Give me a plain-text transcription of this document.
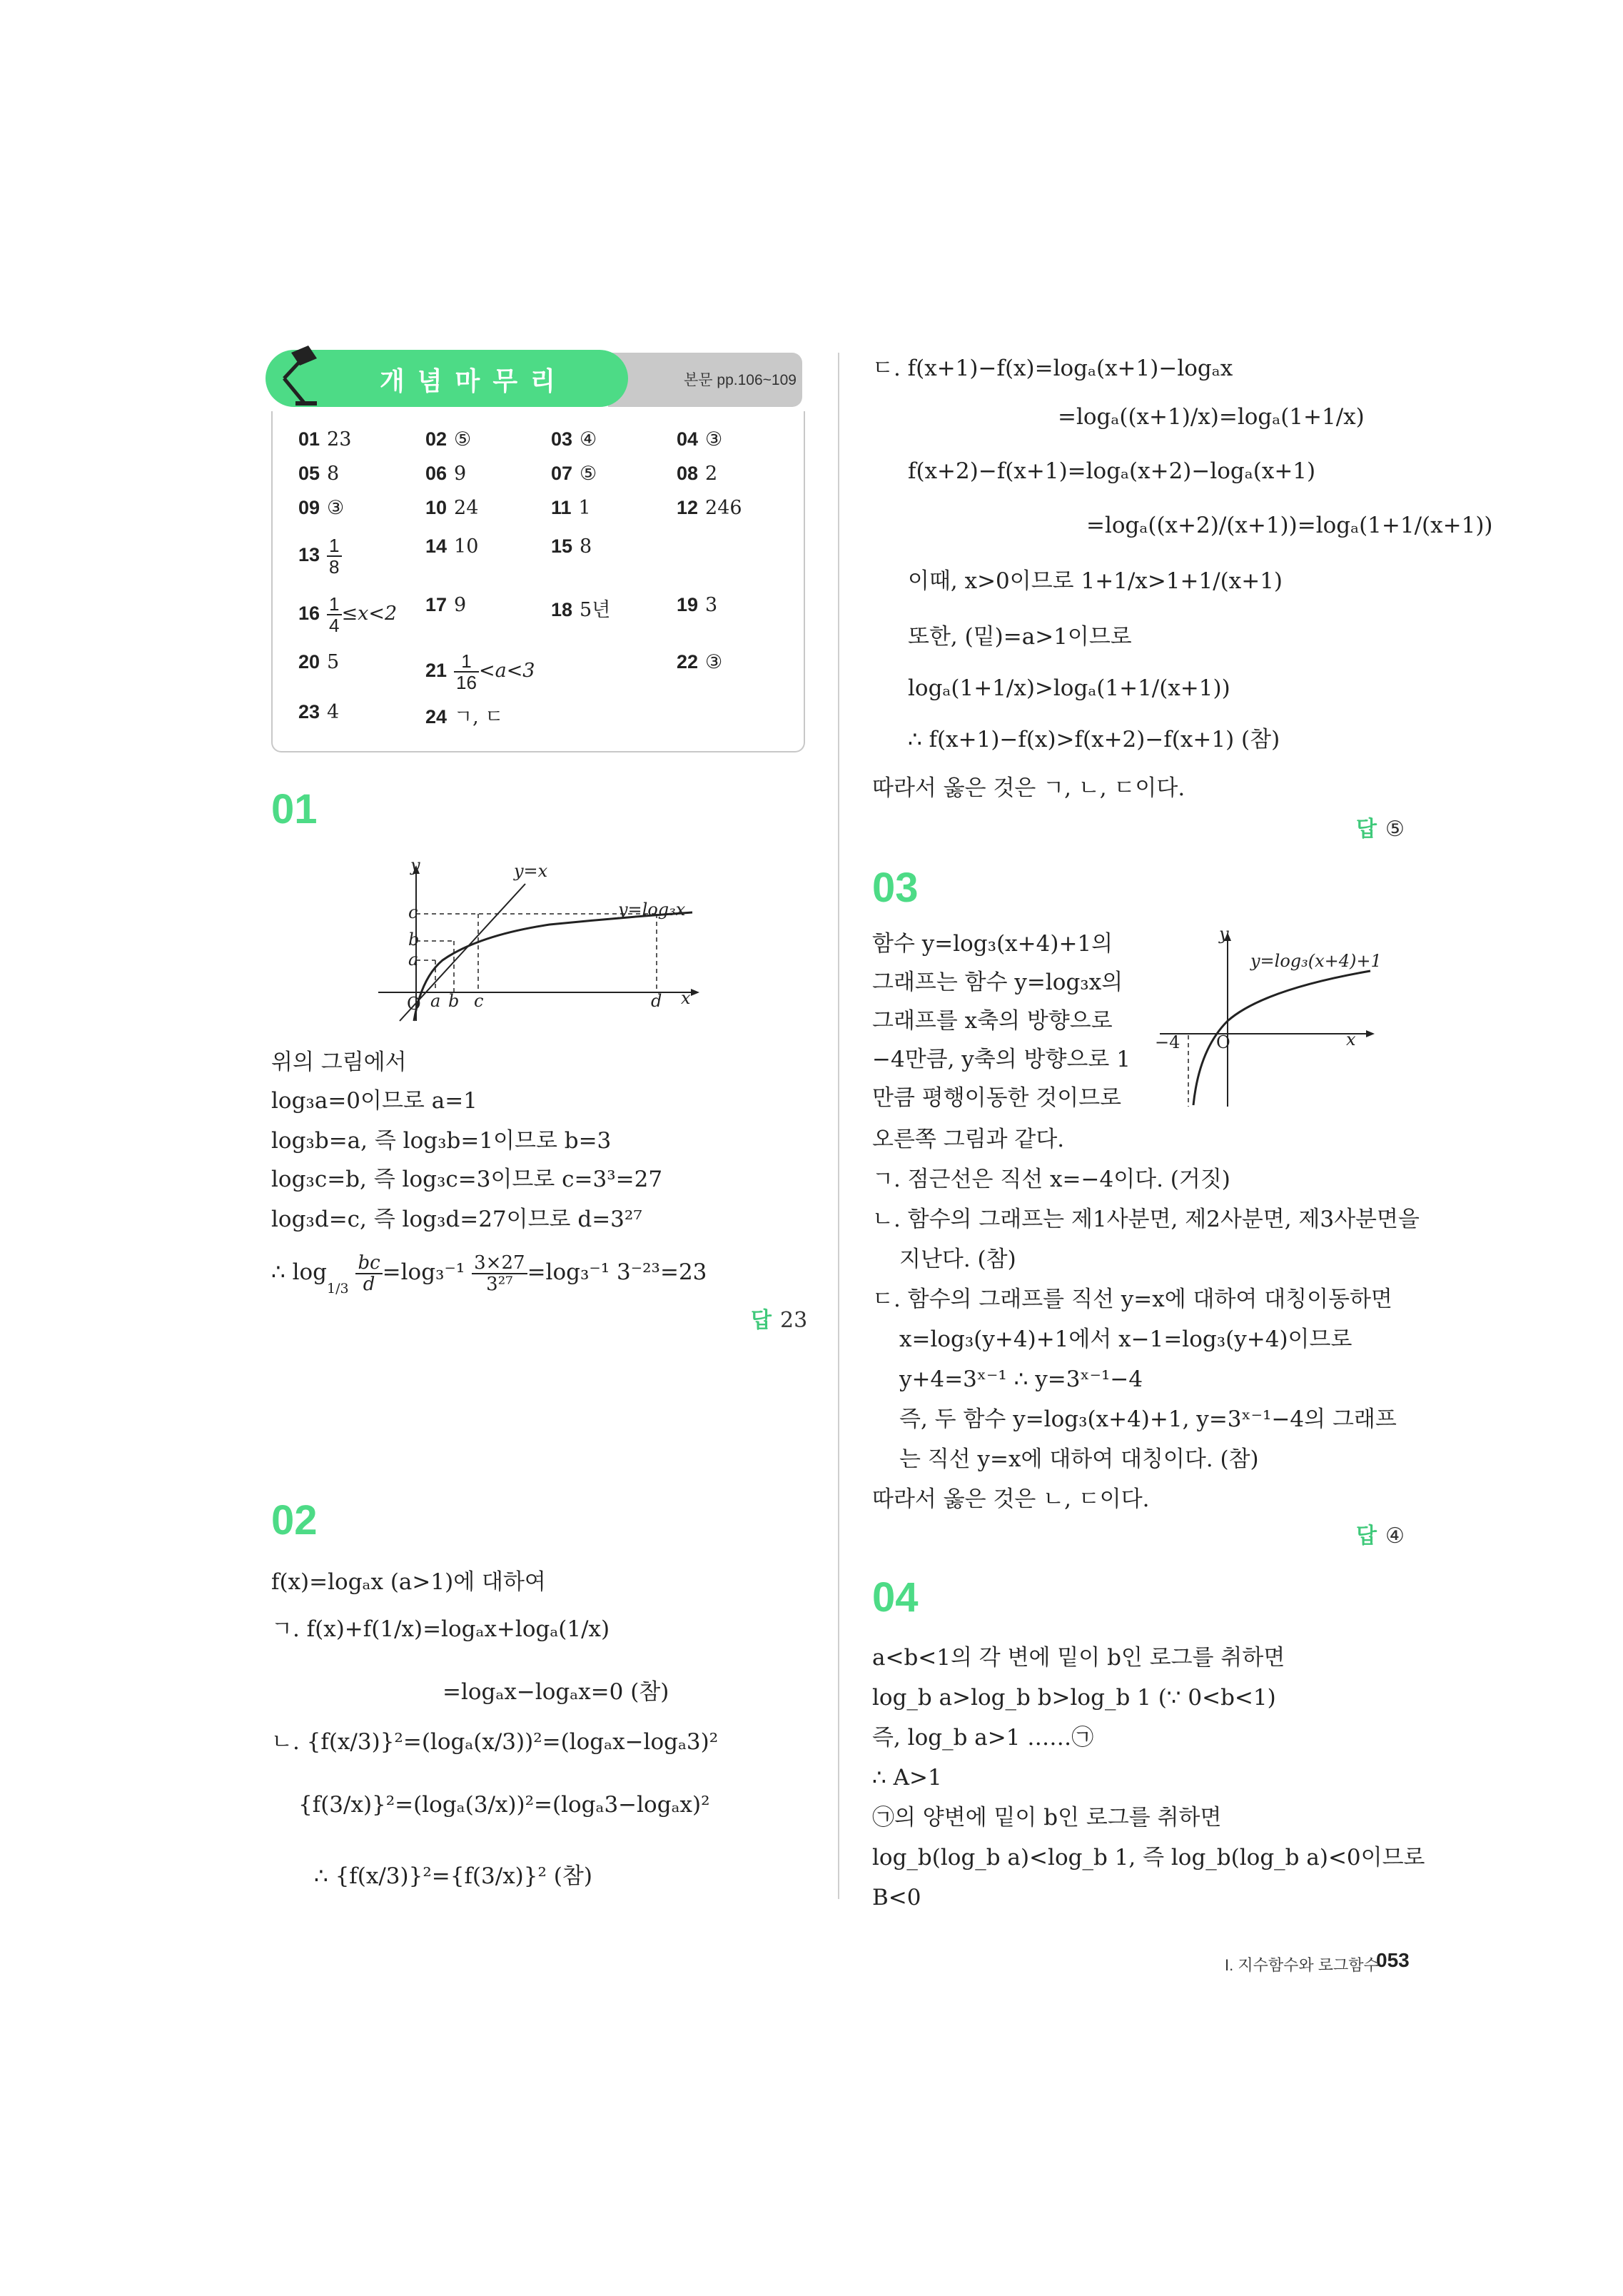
개 념 마 무 리	본문 pp.106~109
01 23	02 ⑤	03 ④	04 ③
05 8	06 9	07 ⑤	08 2
09 ③	10 24	11 1	12 246
$13 \frac{1}{8}$	14 10	15 8
$16 \frac{1}{4} \le x<2$ 17 9	18 5년	19 3
20 5	$21 \frac{1}{16} <a<3$	22 ③
23 4	24 ㄱ, ㄷ
01
y	y=x
y=log₃x
c
b
a
O a b c	d x
위의 그림에서
log₃a=0이므로 a=1
log₃b=a, 즉 log₃b=1이므로 b=3
log₃c=b, 즉 log₃c=3이므로 c=3³=27
log₃d=c, 즉 log₃d=27이므로 d=3²⁷
∴ $\log_{1/3} \frac{bc}{d} =\log_3^{-1} \frac{3\times 27}{\text{3²⁷}} =\log_3^{-1}$ 3⁻²³=23
답 23
02
f(x)=logₐx (a>1)에 대하여
ㄱ. f(x)+f(1/x)=logₐx+logₐ(1/x)
=logₐx−logₐx=0 (참)
ㄴ. {f(x/3)}²=(logₐ(x/3))²=(logₐx−logₐ3)²
{f(3/x)}²=(logₐ(3/x))²=(logₐ3−logₐx)²
∴ {f(x/3)}²={f(3/x)}² (참)
ㄷ. f(x+1)−f(x)=logₐ(x+1)−logₐx
=logₐ((x+1)/x)=logₐ(1+1/x)
f(x+2)−f(x+1)=logₐ(x+2)−logₐ(x+1)
=logₐ((x+2)/(x+1))=logₐ(1+1/(x+1))
이때, x>0이므로 1+1/x>1+1/(x+1)
또한, (밑)=a>1이므로
logₐ(1+1/x)>logₐ(1+1/(x+1))
∴ f(x+1)−f(x)>f(x+2)−f(x+1) (참)
따라서 옳은 것은 ㄱ, ㄴ, ㄷ이다.
답 ⑤
03
y
y=log₃(x+4)+1
−4 O	x
함수 y=log₃(x+4)+1의
그래프는 함수 y=log₃x의
그래프를 x축의 방향으로
−4만큼, y축의 방향으로 1
만큼 평행이동한 것이므로
오른쪽 그림과 같다.
ㄱ. 점근선은 직선 x=−4이다. (거짓)
ㄴ. 함수의 그래프는 제1사분면, 제2사분면, 제3사분면을
지난다. (참)
ㄷ. 함수의 그래프를 직선 y=x에 대하여 대칭이동하면
x=log₃(y+4)+1에서 x−1=log₃(y+4)이므로
y+4=3ˣ⁻¹ ∴ y=3ˣ⁻¹−4
즉, 두 함수 y=log₃(x+4)+1, y=3ˣ⁻¹−4의 그래프
는 직선 y=x에 대하여 대칭이다. (참)
따라서 옳은 것은 ㄴ, ㄷ이다.
답 ④
04
a<b<1의 각 변에 밑이 b인 로그를 취하면
log_b a>log_b b>log_b 1 (∵ 0<b<1)
즉, log_b a>1 ……㉠
∴ A>1
㉠의 양변에 밑이 b인 로그를 취하면
log_b(log_b a)<log_b 1, 즉 log_b(log_b a)<0이므로
B<0
I. 지수함수와 로그함수
053
